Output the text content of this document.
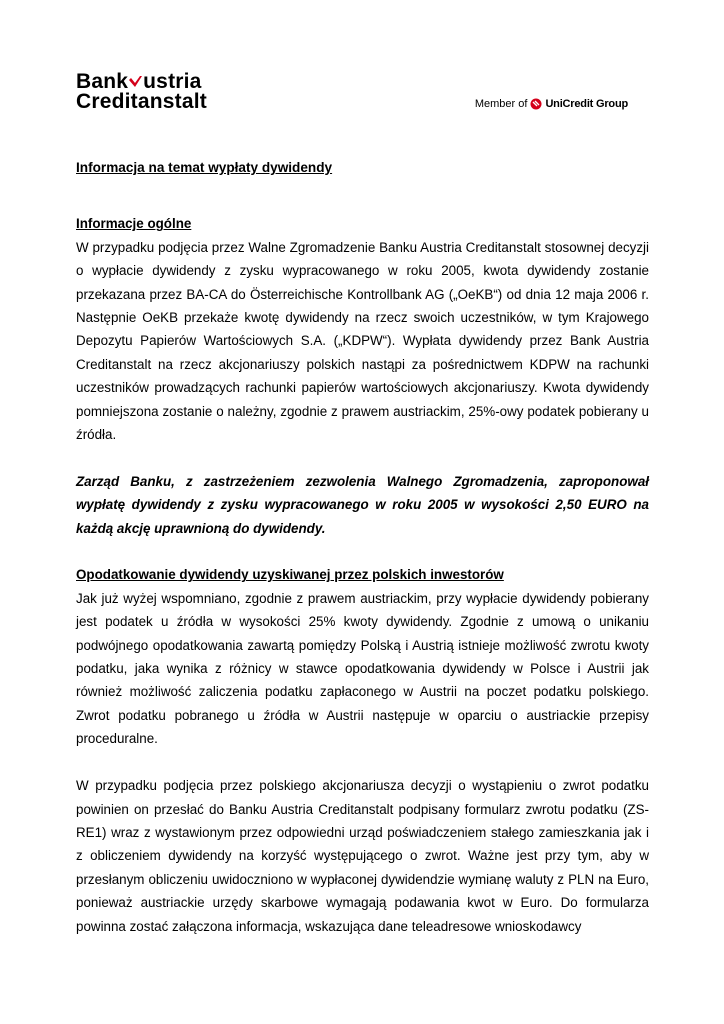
Bank ustria
Creditanstalt	Member of UniCredit Group

Informacja na temat wypłaty dywidendy

Informacje ogólne

W przypadku podjęcia przez Walne Zgromadzenie Banku Austria Creditanstalt stosownej decyzji o wypłacie dywidendy z zysku wypracowanego w roku 2005, kwota dywidendy zostanie przekazana przez BA-CA do Österreichische Kontrollbank AG („OeKB“) od dnia 12 maja 2006 r. Następnie OeKB przekaże kwotę dywidendy na rzecz swoich uczestników, w tym Krajowego Depozytu Papierów Wartościowych S.A. („KDPW“). Wypłata dywidendy przez Bank Austria Creditanstalt na rzecz akcjonariuszy polskich nastąpi za pośrednictwem KDPW na rachunki uczestników prowadzących rachunki papierów wartościowych akcjonariuszy. Kwota dywidendy pomniejszona zostanie o należny, zgodnie z prawem austriackim, 25%-owy podatek pobierany u źródła.

Zarząd Banku, z zastrzeżeniem zezwolenia Walnego Zgromadzenia, zaproponował wypłatę dywidendy z zysku wypracowanego w roku 2005 w wysokości 2,50 EURO na każdą akcję uprawnioną do dywidendy.

Opodatkowanie dywidendy uzyskiwanej przez polskich inwestorów

Jak już wyżej wspomniano, zgodnie z prawem austriackim, przy wypłacie dywidendy pobierany jest podatek u źródła w wysokości 25% kwoty dywidendy. Zgodnie z umową o unikaniu podwójnego opodatkowania zawartą pomiędzy Polską i Austrią istnieje możliwość zwrotu kwoty podatku, jaka wynika z różnicy w stawce opodatkowania dywidendy w Polsce i Austrii jak również możliwość zaliczenia podatku zapłaconego w Austrii na poczet podatku polskiego. Zwrot podatku pobranego u źródła w Austrii następuje w oparciu o austriackie przepisy proceduralne.

W przypadku podjęcia przez polskiego akcjonariusza decyzji o wystąpieniu o zwrot podatku powinien on przesłać do Banku Austria Creditanstalt podpisany formularz zwrotu podatku (ZS-RE1) wraz z wystawionym przez odpowiedni urząd poświadczeniem stałego zamieszkania jak i z obliczeniem dywidendy na korzyść występującego o zwrot. Ważne jest przy tym, aby w przesłanym obliczeniu uwidoczniono w wypłaconej dywidendzie wymianę waluty z PLN na Euro, ponieważ austriackie urzędy skarbowe wymagają podawania kwot w Euro. Do formularza powinna zostać załączona informacja, wskazująca dane teleadresowe wnioskodawcy
